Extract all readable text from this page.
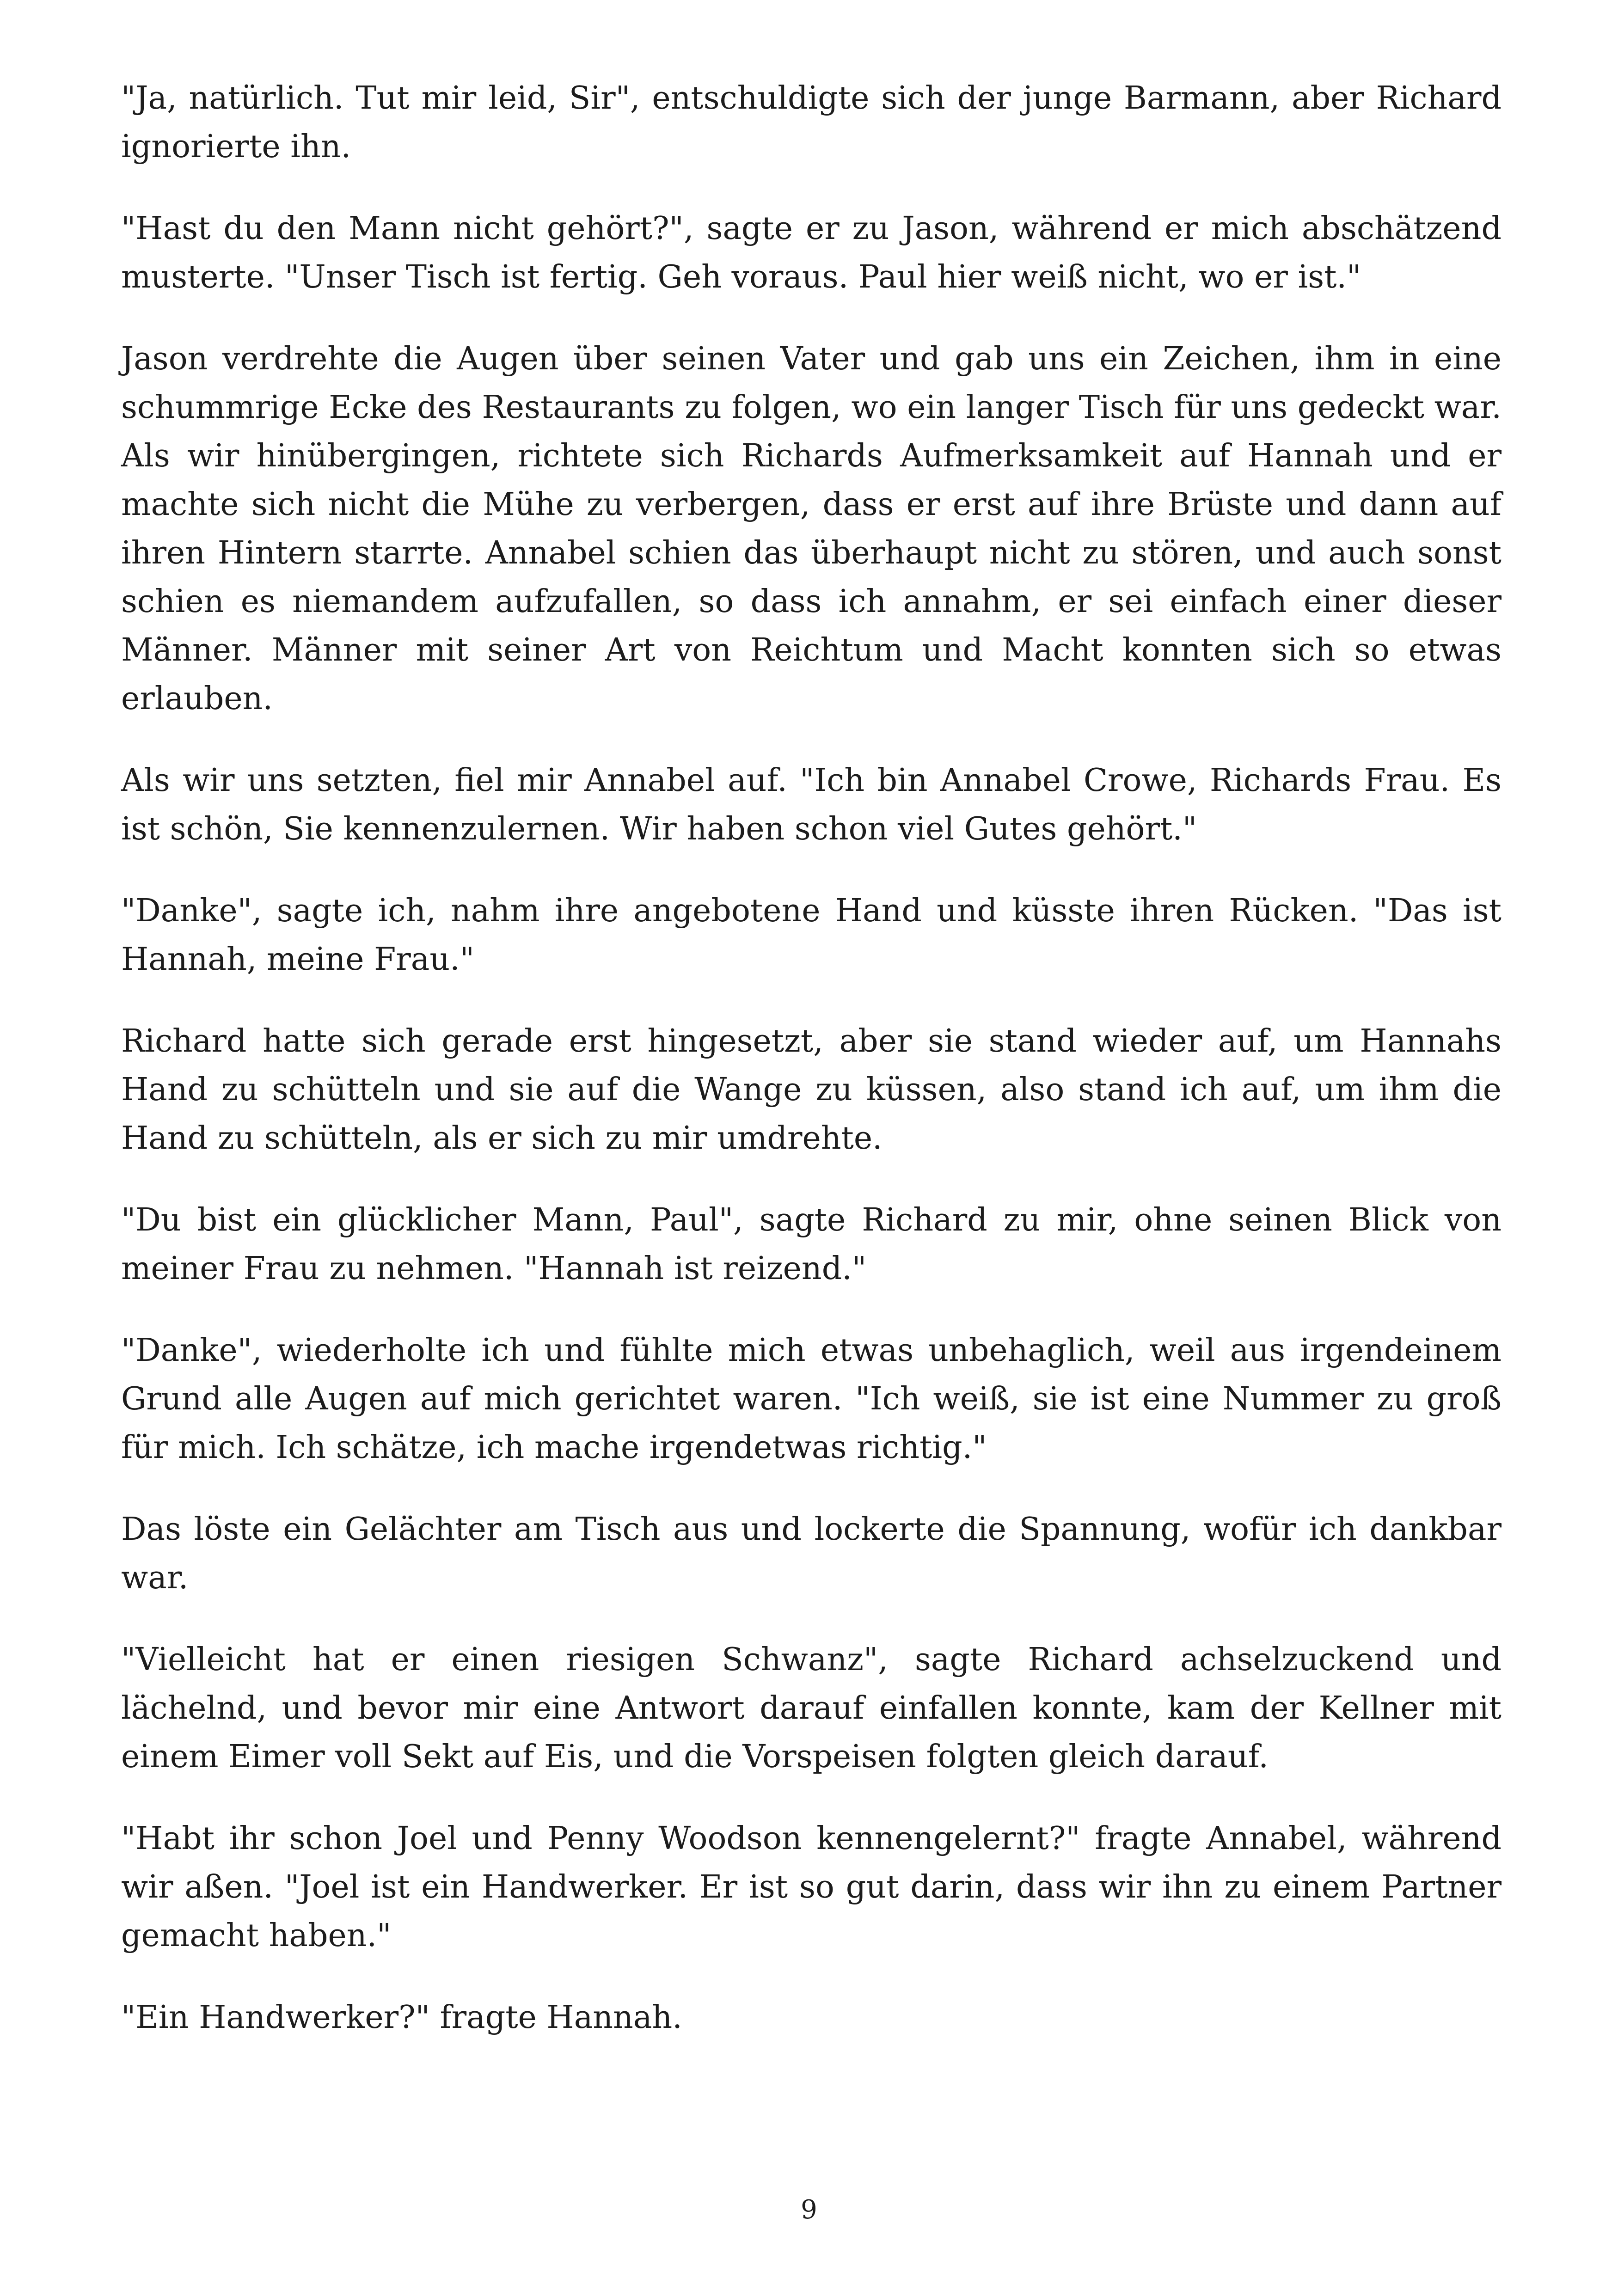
"Ja, natürlich. Tut mir leid, Sir", entschuldigte sich der junge Barmann, aber Richard ignorierte ihn.

"Hast du den Mann nicht gehört?", sagte er zu Jason, während er mich abschätzend musterte. "Unser Tisch ist fertig. Geh voraus. Paul hier weiß nicht, wo er ist."

Jason verdrehte die Augen über seinen Vater und gab uns ein Zeichen, ihm in eine schummrige Ecke des Restaurants zu folgen, wo ein langer Tisch für uns gedeckt war. Als wir hinübergingen, richtete sich Richards Aufmerksamkeit auf Hannah und er machte sich nicht die Mühe zu verbergen, dass er erst auf ihre Brüste und dann auf ihren Hintern starrte. Annabel schien das überhaupt nicht zu stören, und auch sonst schien es niemandem aufzufallen, so dass ich annahm, er sei einfach einer dieser Männer. Männer mit seiner Art von Reichtum und Macht konnten sich so etwas erlauben.

Als wir uns setzten, fiel mir Annabel auf. "Ich bin Annabel Crowe, Richards Frau. Es ist schön, Sie kennenzulernen. Wir haben schon viel Gutes gehört."

"Danke", sagte ich, nahm ihre angebotene Hand und küsste ihren Rücken. "Das ist Hannah, meine Frau."

Richard hatte sich gerade erst hingesetzt, aber sie stand wieder auf, um Hannahs Hand zu schütteln und sie auf die Wange zu küssen, also stand ich auf, um ihm die Hand zu schütteln, als er sich zu mir umdrehte.

"Du bist ein glücklicher Mann, Paul", sagte Richard zu mir, ohne seinen Blick von meiner Frau zu nehmen. "Hannah ist reizend."

"Danke", wiederholte ich und fühlte mich etwas unbehaglich, weil aus irgendeinem Grund alle Augen auf mich gerichtet waren. "Ich weiß, sie ist eine Nummer zu groß für mich. Ich schätze, ich mache irgendetwas richtig."

Das löste ein Gelächter am Tisch aus und lockerte die Spannung, wofür ich dankbar war.

"Vielleicht hat er einen riesigen Schwanz", sagte Richard achselzuckend und lächelnd, und bevor mir eine Antwort darauf einfallen konnte, kam der Kellner mit einem Eimer voll Sekt auf Eis, und die Vorspeisen folgten gleich darauf.

"Habt ihr schon Joel und Penny Woodson kennengelernt?" fragte Annabel, während wir aßen. "Joel ist ein Handwerker. Er ist so gut darin, dass wir ihn zu einem Partner gemacht haben."

"Ein Handwerker?" fragte Hannah.

9
